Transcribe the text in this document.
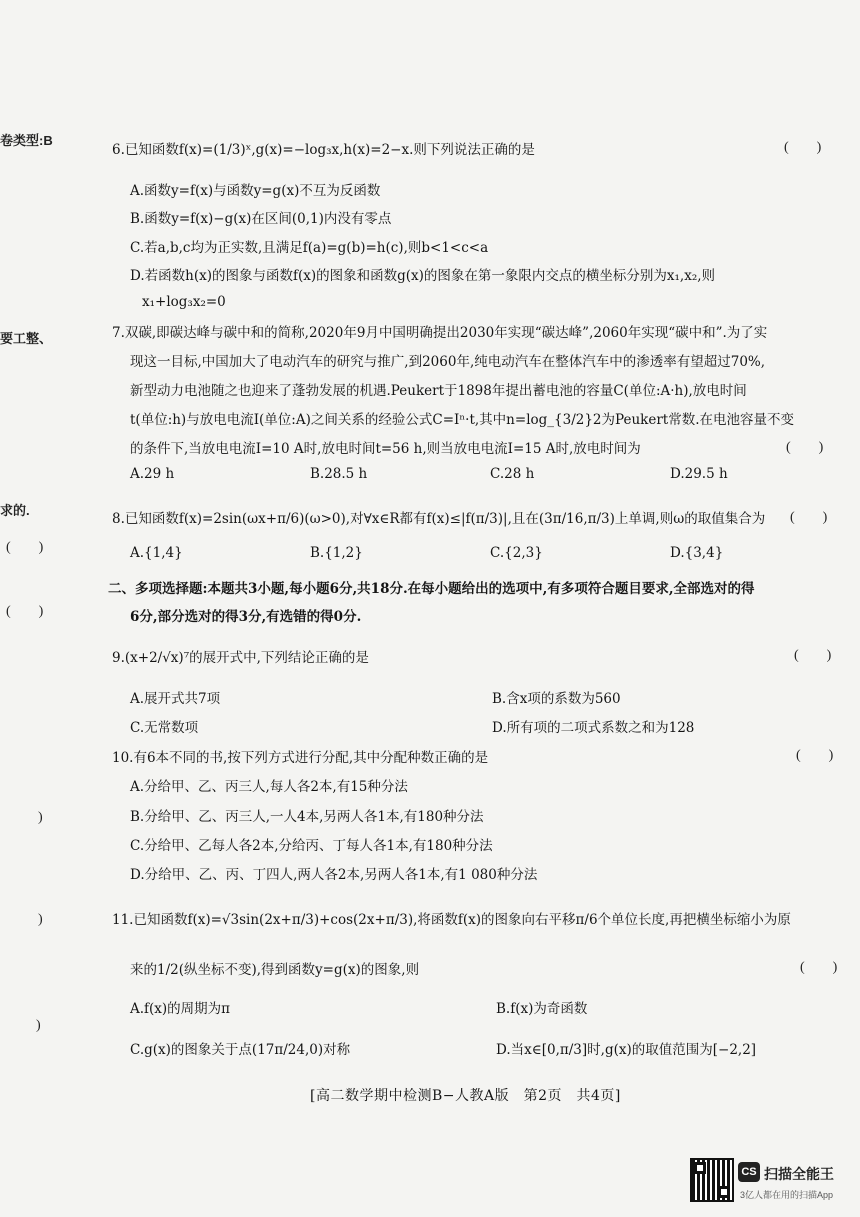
卷类型:B
要工整、
求的.
(　　)
(　　)
)
)
)
6.已知函数f(x)=(1/3)ˣ,g(x)=−log₃x,h(x)=2−x.则下列说法正确的是	(　　)
A.函数y=f(x)与函数y=g(x)不互为反函数
B.函数y=f(x)−g(x)在区间(0,1)内没有零点
C.若a,b,c均为正实数,且满足f(a)=g(b)=h(c),则b<1<c<a
D.若函数h(x)的图象与函数f(x)的图象和函数g(x)的图象在第一象限内交点的横坐标分别为x₁,x₂,则
x₁+log₃x₂=0
7.双碳,即碳达峰与碳中和的简称,2020年9月中国明确提出2030年实现“碳达峰”,2060年实现“碳中和”.为了实
现这一目标,中国加大了电动汽车的研究与推广,到2060年,纯电动汽车在整体汽车中的渗透率有望超过70%,
新型动力电池随之也迎来了蓬勃发展的机遇.Peukert于1898年提出蓄电池的容量C(单位:A·h),放电时间
t(单位:h)与放电电流I(单位:A)之间关系的经验公式C=Iⁿ·t,其中n=log_{3/2}2为Peukert常数.在电池容量不变
的条件下,当放电电流I=10 A时,放电时间t=56 h,则当放电电流I=15 A时,放电时间为	(　　)
A.29 h	B.28.5 h	C.28 h	D.29.5 h
8.已知函数f(x)=2sin(ωx+π/6)(ω>0),对∀x∈R都有f(x)≤|f(π/3)|,且在(3π/16,π/3)上单调,则ω的取值集合为 (　　)
A.{1,4}	B.{1,2}	C.{2,3}	D.{3,4}
二、多项选择题:本题共3小题,每小题6分,共18分.在每小题给出的选项中,有多项符合题目要求,全部选对的得
6分,部分选对的得3分,有选错的得0分.
9.(x+2/√x)⁷的展开式中,下列结论正确的是	(　　)
A.展开式共7项	B.含x项的系数为560
C.无常数项	D.所有项的二项式系数之和为128
10.有6本不同的书,按下列方式进行分配,其中分配种数正确的是	(　　)
A.分给甲、乙、丙三人,每人各2本,有15种分法
B.分给甲、乙、丙三人,一人4本,另两人各1本,有180种分法
C.分给甲、乙每人各2本,分给丙、丁每人各1本,有180种分法
D.分给甲、乙、丙、丁四人,两人各2本,另两人各1本,有1 080种分法
11.已知函数f(x)=√3sin(2x+π/3)+cos(2x+π/3),将函数f(x)的图象向右平移π/6个单位长度,再把横坐标缩小为原
来的1/2(纵坐标不变),得到函数y=g(x)的图象,则	(　　)
A.f(x)的周期为π	B.f(x)为奇函数
C.g(x)的图象关于点(17π/24,0)对称	D.当x∈[0,π/3]时,g(x)的取值范围为[−2,2]
[高二数学期中检测B−人教A版　第2页　共4页]
CS 扫描全能王
3亿人都在用的扫描App
